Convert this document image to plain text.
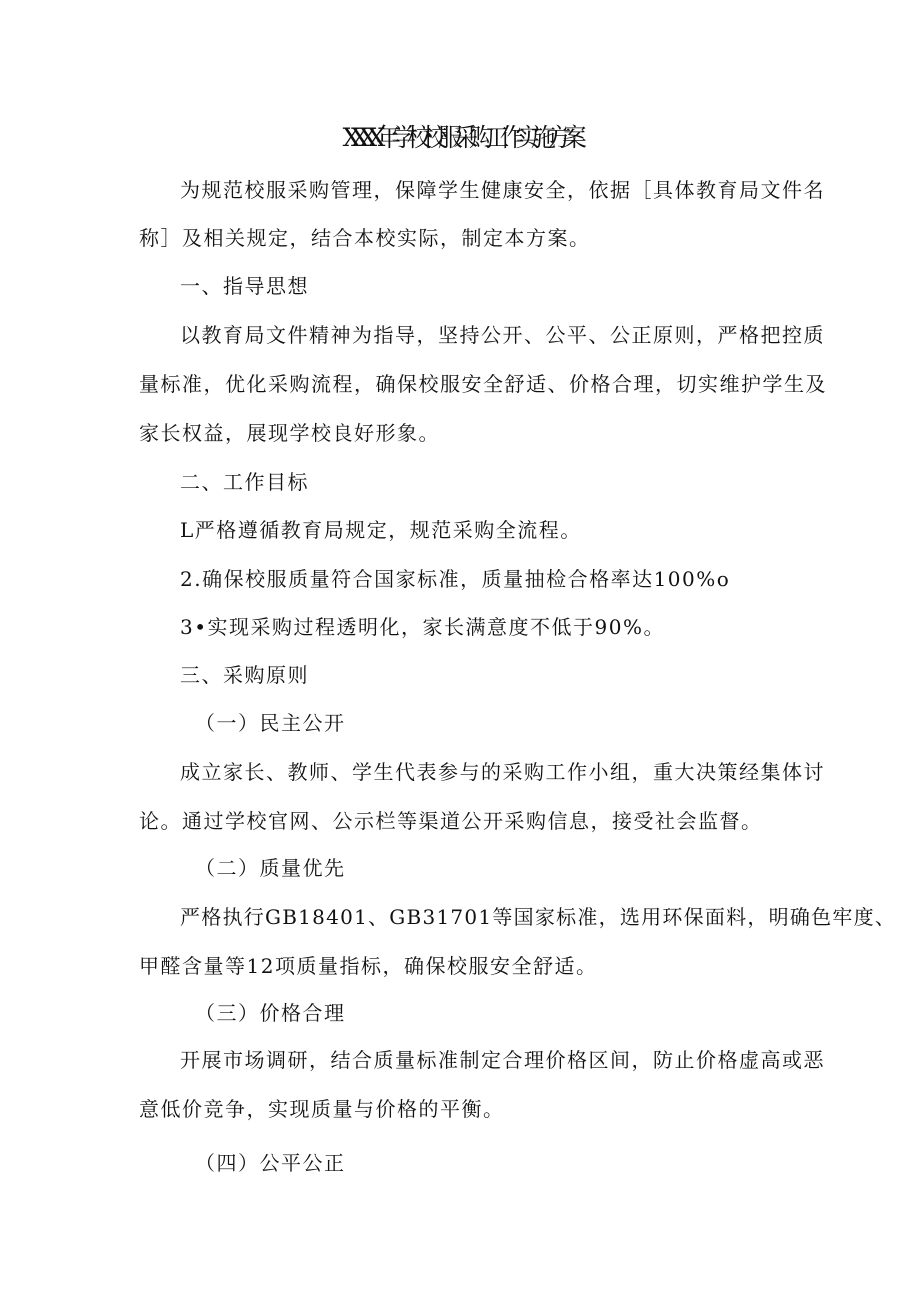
XXXX年学校校服采购工作实施方案
为规范校服采购管理，保障学生健康安全，依据［具体教育局文件名
称］及相关规定，结合本校实际，制定本方案。
一、指导思想
以教育局文件精神为指导，坚持公开、公平、公正原则，严格把控质
量标准，优化采购流程，确保校服安全舒适、价格合理，切实维护学生及
家长权益，展现学校良好形象。
二、工作目标
L严格遵循教育局规定，规范采购全流程。
2.确保校服质量符合国家标准，质量抽检合格率达100%o
3•实现采购过程透明化，家长满意度不低于90%。
三、采购原则
（一）民主公开
成立家长、教师、学生代表参与的采购工作小组，重大决策经集体讨
论。通过学校官网、公示栏等渠道公开采购信息，接受社会监督。
（二）质量优先
严格执行GB18401、GB31701等国家标准，选用环保面料，明确色牢度、
甲醛含量等12项质量指标，确保校服安全舒适。
（三）价格合理
开展市场调研，结合质量标准制定合理价格区间，防止价格虚高或恶
意低价竞争，实现质量与价格的平衡。
（四）公平公正
